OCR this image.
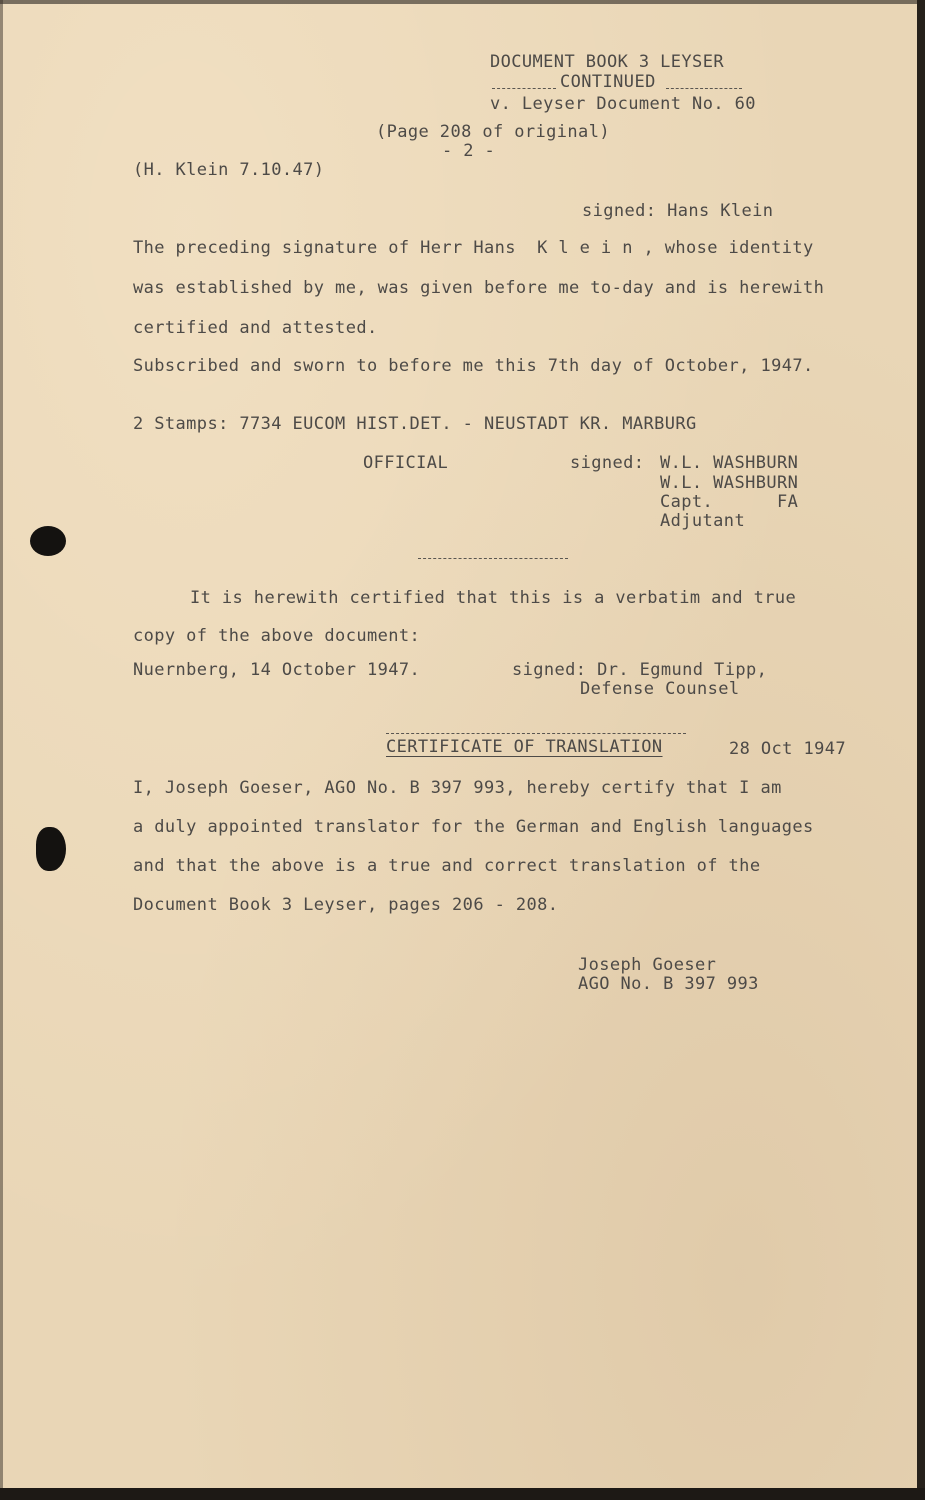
DOCUMENT BOOK 3 LEYSER
CONTINUED
v. Leyser Document No. 60
(Page 208 of original)
- 2 -
(H. Klein 7.10.47)
signed: Hans Klein
The preceding signature of Herr Hans  K l e i n , whose identity
was established by me, was given before me to-day and is herewith
certified and attested.
Subscribed and sworn to before me this 7th day of October, 1947.
2 Stamps: 7734 EUCOM HIST.DET. - NEUSTADT KR. MARBURG
OFFICIAL	signed: W.L. WASHBURN
W.L. WASHBURN
Capt.      FA
Adjutant
It is herewith certified that this is a verbatim and true
copy of the above document:
Nuernberg, 14 October 1947.	signed: Dr. Egmund Tipp,
Defense Counsel
CERTIFICATE OF TRANSLATION	28 Oct 1947
I, Joseph Goeser, AGO No. B 397 993, hereby certify that I am
a duly appointed translator for the German and English languages
and that the above is a true and correct translation of the
Document Book 3 Leyser, pages 206 - 208.
Joseph Goeser
AGO No. B 397 993
